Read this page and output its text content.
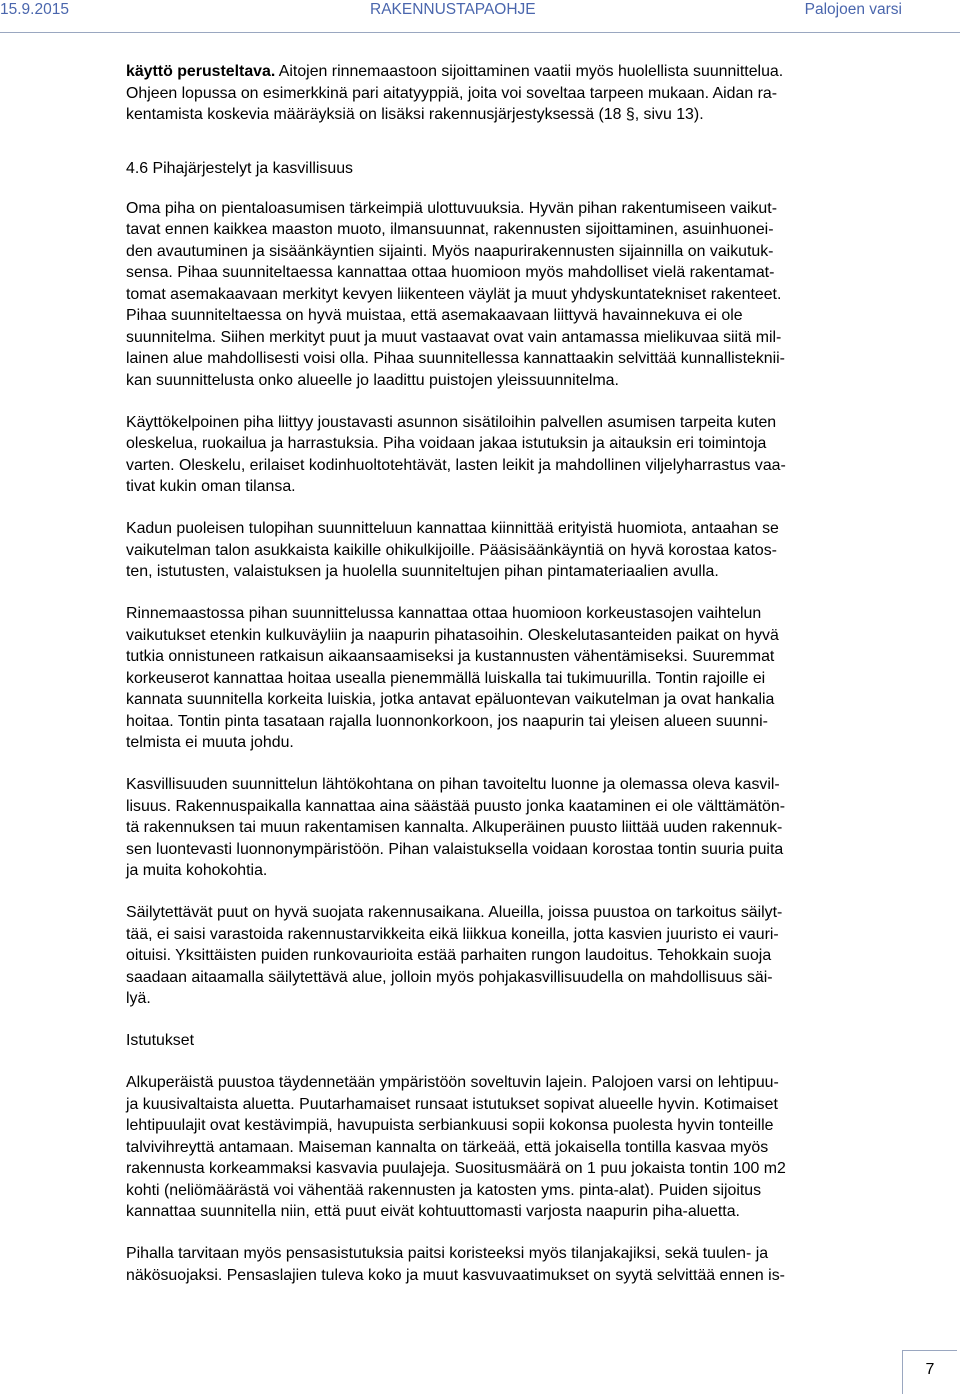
15.9.2015	RAKENNUSTAPAOHJE	Palojoen varsi
käyttö perusteltava. Aitojen rinnemaastoon sijoittaminen vaatii myös huolellista suunnittelua.
Ohjeen lopussa on esimerkkinä pari aitatyyppiä, joita voi soveltaa tarpeen mukaan. Aidan ra-
kentamista koskevia määräyksiä on lisäksi rakennusjärjestyksessä (18 §, sivu 13).
4.6 Pihajärjestelyt ja kasvillisuus
Oma piha on pientaloasumisen tärkeimpiä ulottuvuuksia. Hyvän pihan rakentumiseen vaikut-
tavat ennen kaikkea maaston muoto, ilmansuunnat, rakennusten sijoittaminen, asuinhuonei-
den avautuminen ja sisäänkäyntien sijainti. Myös naapurirakennusten sijainnilla on vaikutuk-
sensa. Pihaa suunniteltaessa kannattaa ottaa huomioon myös mahdolliset vielä rakentamat-
tomat asemakaavaan merkityt kevyen liikenteen väylät ja muut yhdyskuntatekniset rakenteet.
Pihaa suunniteltaessa on hyvä muistaa, että asemakaavaan liittyvä havainnekuva ei ole
suunnitelma. Siihen merkityt puut ja muut vastaavat ovat vain antamassa mielikuvaa siitä mil-
lainen alue mahdollisesti voisi olla. Pihaa suunnitellessa kannattaakin selvittää kunnallisteknii-
kan suunnittelusta onko alueelle jo laadittu puistojen yleissuunnitelma.
Käyttökelpoinen piha liittyy joustavasti asunnon sisätiloihin palvellen asumisen tarpeita kuten
oleskelua, ruokailua ja harrastuksia. Piha voidaan jakaa istutuksin ja aitauksin eri toimintoja
varten. Oleskelu, erilaiset kodinhuoltotehtävät, lasten leikit ja mahdollinen viljelyharrastus vaa-
tivat kukin oman tilansa.
Kadun puoleisen tulopihan suunnitteluun kannattaa kiinnittää erityistä huomiota, antaahan se
vaikutelman talon asukkaista kaikille ohikulkijoille. Pääsisäänkäyntiä on hyvä korostaa katos-
ten, istutusten, valaistuksen ja huolella suunniteltujen pihan pintamateriaalien avulla.
Rinnemaastossa pihan suunnittelussa kannattaa ottaa huomioon korkeustasojen vaihtelun
vaikutukset etenkin kulkuväyliin ja naapurin pihatasoihin. Oleskelutasanteiden paikat on hyvä
tutkia onnistuneen ratkaisun aikaansaamiseksi ja kustannusten vähentämiseksi. Suuremmat
korkeuserot kannattaa hoitaa usealla pienemmällä luiskalla tai tukimuurilla. Tontin rajoille ei
kannata suunnitella korkeita luiskia, jotka antavat epäluontevan vaikutelman ja ovat hankalia
hoitaa. Tontin pinta tasataan rajalla luonnonkorkoon, jos naapurin tai yleisen alueen suunni-
telmista ei muuta johdu.
Kasvillisuuden suunnittelun lähtökohtana on pihan tavoiteltu luonne ja olemassa oleva kasvil-
lisuus. Rakennuspaikalla kannattaa aina säästää puusto jonka kaataminen ei ole välttämätön-
tä rakennuksen tai muun rakentamisen kannalta. Alkuperäinen puusto liittää uuden rakennuk-
sen luontevasti luonnonympäristöön. Pihan valaistuksella voidaan korostaa tontin suuria puita
ja muita kohokohtia.
Säilytettävät puut on hyvä suojata rakennusaikana. Alueilla, joissa puustoa on tarkoitus säilyt-
tää, ei saisi varastoida rakennustarvikkeita eikä liikkua koneilla, jotta kasvien juuristo ei vauri-
oituisi. Yksittäisten puiden runkovaurioita estää parhaiten rungon laudoitus. Tehokkain suoja
saadaan aitaamalla säilytettävä alue, jolloin myös pohjakasvillisuudella on mahdollisuus säi-
lyä.
Istutukset
Alkuperäistä puustoa täydennetään ympäristöön soveltuvin lajein. Palojoen varsi on lehtipuu-
ja kuusivaltaista aluetta. Puutarhamaiset runsaat istutukset sopivat alueelle hyvin. Kotimaiset
lehtipuulajit ovat kestävimpiä, havupuista serbiankuusi sopii kokonsa puolesta hyvin tonteille
talvivihreyttä antamaan. Maiseman kannalta on tärkeää, että jokaisella tontilla kasvaa myös
rakennusta korkeammaksi kasvavia puulajeja. Suositusmäärä on 1 puu jokaista tontin 100 m2
kohti (neliömäärästä voi vähentää rakennusten ja katosten yms. pinta-alat). Puiden sijoitus
kannattaa suunnitella niin, että puut eivät kohtuuttomasti varjosta naapurin piha-aluetta.
Pihalla tarvitaan myös pensasistutuksia paitsi koristeeksi myös tilanjakajiksi, sekä tuulen- ja
näkösuojaksi. Pensaslajien tuleva koko ja muut kasvuvaatimukset on syytä selvittää ennen is-
7
